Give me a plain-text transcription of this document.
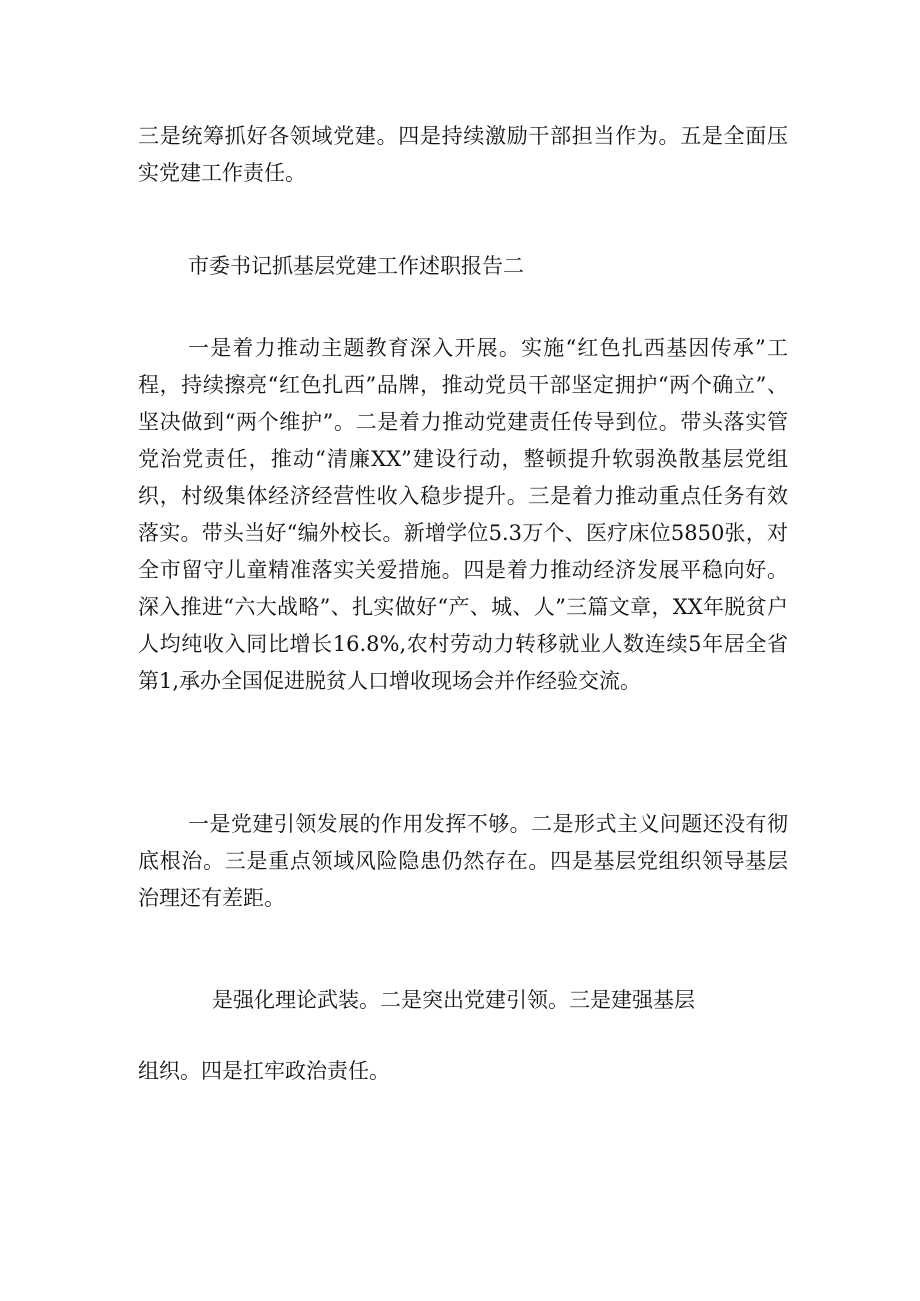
三是统筹抓好各领域党建。四是持续激励干部担当作为。五是全面压实党建工作责任。

市委书记抓基层党建工作述职报告二

一是着力推动主题教育深入开展。实施“红色扎西基因传承”工程，持续擦亮“红色扎西”品牌，推动党员干部坚定拥护“两个确立”、坚决做到“两个维护”。二是着力推动党建责任传导到位。带头落实管党治党责任，推动“清廉XX”建设行动，整顿提升软弱涣散基层党组织，村级集体经济经营性收入稳步提升。三是着力推动重点任务有效落实。带头当好“编外校长。新增学位5.3万个、医疗床位5850张，对全市留守儿童精准落实关爱措施。四是着力推动经济发展平稳向好。深入推进“六大战略”、扎实做好“产、城、人”三篇文章，XX年脱贫户人均纯收入同比增长16.8%,农村劳动力转移就业人数连续5年居全省第1,承办全国促进脱贫人口增收现场会并作经验交流。

一是党建引领发展的作用发挥不够。二是形式主义问题还没有彻底根治。三是重点领域风险隐患仍然存在。四是基层党组织领导基层治理还有差距。

是强化理论武装。二是突出党建引领。三是建强基层

组织。四是扛牢政治责任。
